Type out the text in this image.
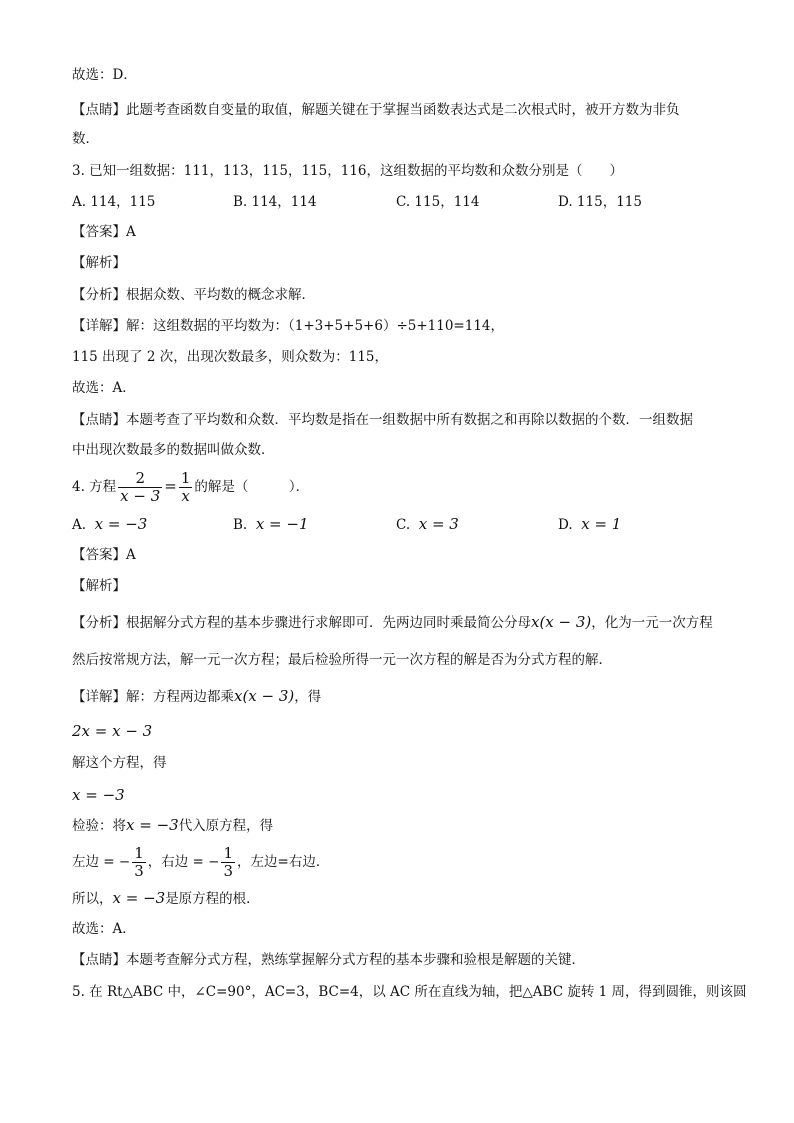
故选：D．
【点睛】此题考查函数自变量的取值，解题关键在于掌握当函数表达式是二次根式时，被开方数为非负
数．
3. 已知一组数据：111，113，115，115，116，这组数据的平均数和众数分别是（　　）
A. 114，115	B. 114，114	C. 115，114	D. 115，115
【答案】A
【解析】
【分析】根据众数、平均数的概念求解．
【详解】解：这组数据的平均数为：（1+3+5+5+6）÷5+110=114，
115 出现了 2 次，出现次数最多，则众数为：115，
故选：A．
【点睛】本题考查了平均数和众数．平均数是指在一组数据中所有数据之和再除以数据的个数．一组数据
中出现次数最多的数据叫做众数．
4. 方程 $\frac{2}{x - 3} = \frac{1}{x}$ 的解是（　　　）．
A. x = −3	B. x = −1	C. x = 3	D. x = 1
【答案】A
【解析】
【分析】根据解分式方程的基本步骤进行求解即可．先两边同时乘最简公分母x(x − 3)，化为一元一次方程
然后按常规方法，解一元一次方程；最后检验所得一元一次方程的解是否为分式方程的解．
【详解】解：方程两边都乘x(x − 3)，得
2x = x − 3
解这个方程，得
x = −3
检验：将x = −3代入原方程，得
左边 = − $\frac{1}{3}$ ，右边 = − $\frac{1}{3}$ ，左边=右边．
所以，x = −3是原方程的根．
故选：A．
【点睛】本题考查解分式方程，熟练掌握解分式方程的基本步骤和验根是解题的关键．
5. 在 Rt△ABC 中，∠C=90°，AC=3，BC=4，以 AC 所在直线为轴，把△ABC 旋转 1 周，得到圆锥，则该圆
